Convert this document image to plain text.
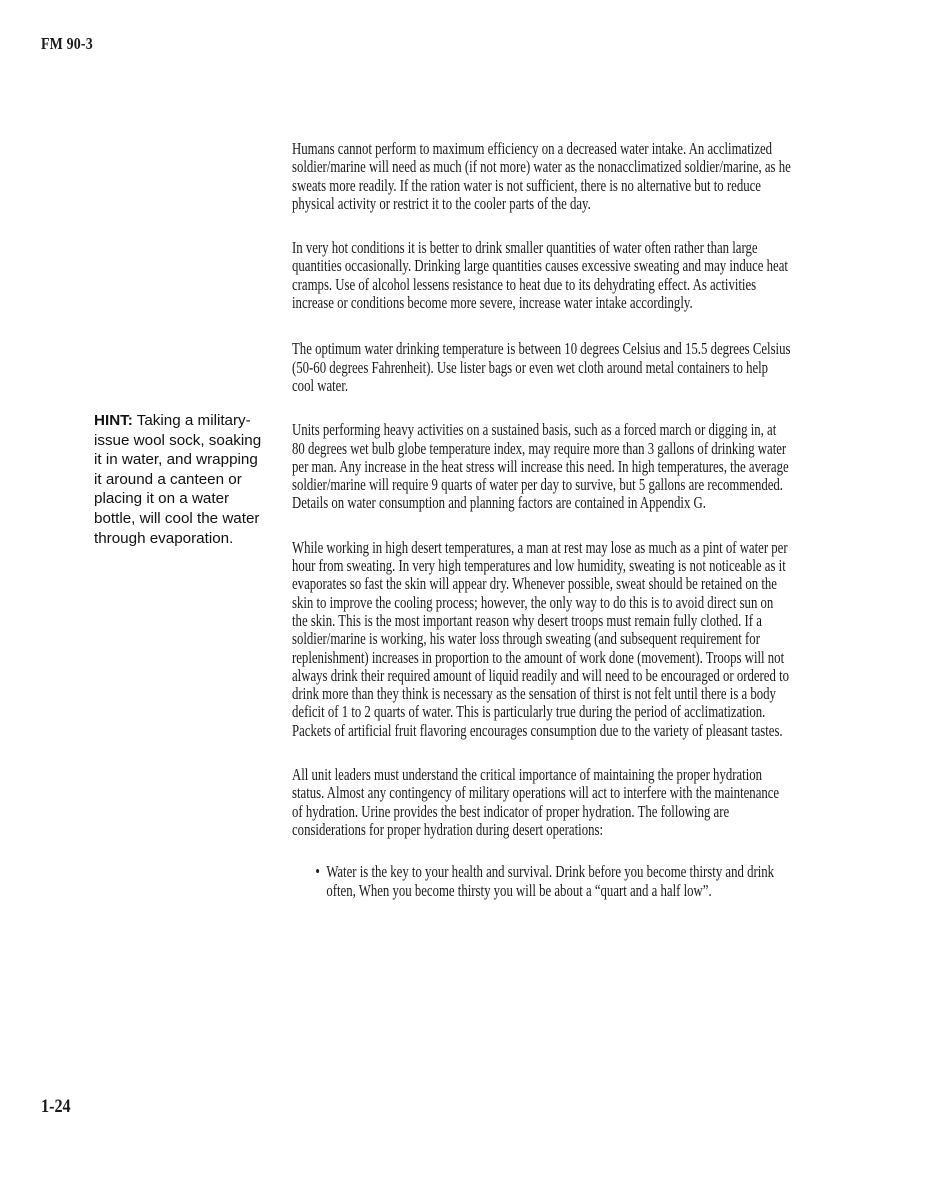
FM 90-3
HINT: Taking a military-issue wool sock, soaking it in water, and wrapping it around a canteen or placing it on a water bottle, will cool the water through evaporation.

Humans cannot perform to maximum efficiency on a decreased water intake. An acclimatized soldier/marine will need as much (if not more) water as the nonacclimatized soldier/marine, as he sweats more readily. If the ration water is not sufficient, there is no alternative but to reduce physical activity or restrict it to the cooler parts of the day.

In very hot conditions it is better to drink smaller quantities of water often rather than large quantities occasionally. Drinking large quantities causes excessive sweating and may induce heat cramps. Use of alcohol lessens resistance to heat due to its dehydrating effect. As activities increase or conditions become more severe, increase water intake accordingly.

The optimum water drinking temperature is between 10 degrees Celsius and 15.5 degrees Celsius (50-60 degrees Fahrenheit). Use lister bags or even wet cloth around metal containers to help cool water.

Units performing heavy activities on a sustained basis, such as a forced march or digging in, at 80 degrees wet bulb globe temperature index, may require more than 3 gallons of drinking water per man. Any increase in the heat stress will increase this need. In high temperatures, the average soldier/marine will require 9 quarts of water per day to survive, but 5 gallons are recommended. Details on water consumption and planning factors are contained in Appendix G.

While working in high desert temperatures, a man at rest may lose as much as a pint of water per hour from sweating. In very high temperatures and low humidity, sweating is not noticeable as it evaporates so fast the skin will appear dry. Whenever possible, sweat should be retained on the skin to improve the cooling process; however, the only way to do this is to avoid direct sun on the skin. This is the most important reason why desert troops must remain fully clothed. If a soldier/marine is working, his water loss through sweating (and subsequent requirement for replenishment) increases in proportion to the amount of work done (movement). Troops will not always drink their required amount of liquid readily and will need to be encouraged or ordered to drink more than they think is necessary as the sensation of thirst is not felt until there is a body deficit of 1 to 2 quarts of water. This is particularly true during the period of acclimatization. Packets of artificial fruit flavoring encourages consumption due to the variety of pleasant tastes.

All unit leaders must understand the critical importance of maintaining the proper hydration status. Almost any contingency of military operations will act to interfere with the maintenance of hydration. Urine provides the best indicator of proper hydration. The following are considerations for proper hydration during desert operations:

• Water is the key to your health and survival. Drink before you become thirsty and drink often, When you become thirsty you will be about a “quart and a half low”.
1-24
